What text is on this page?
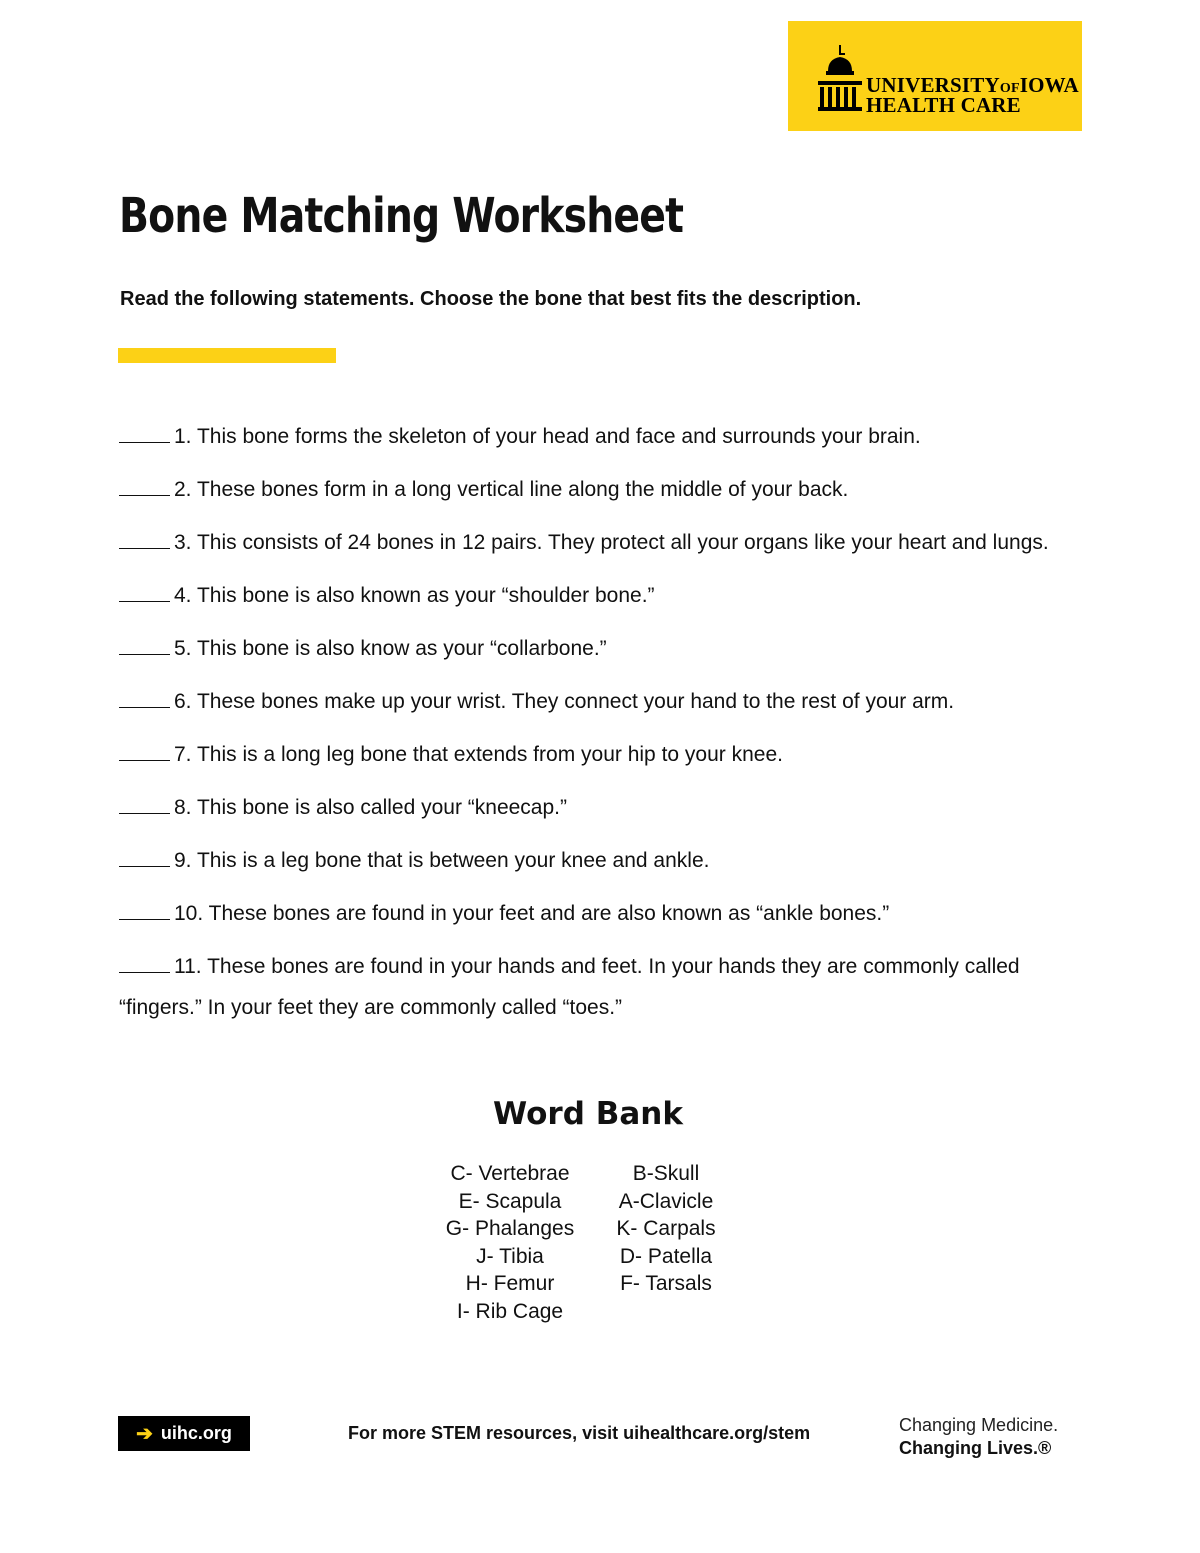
UNIVERSITYOFIOWA
HEALTH CARE
Bone Matching Worksheet
Read the following statements. Choose the bone that best fits the description.
1. This bone forms the skeleton of your head and face and surrounds your brain.
2. These bones form in a long vertical line along the middle of your back.
3. This consists of 24 bones in 12 pairs. They protect all your organs like your heart and lungs.
4. This bone is also known as your “shoulder bone.”
5. This bone is also know as your “collarbone.”
6. These bones make up your wrist. They connect your hand to the rest of your arm.
7. This is a long leg bone that extends from your hip to your knee.
8. This bone is also called your “kneecap.”
9. This is a leg bone that is between your knee and ankle.
10. These bones are found in your feet and are also known as “ankle bones.”
11. These bones are found in your hands and feet. In your hands they are commonly called “fingers.” In your feet they are commonly called “toes.”
Word Bank
C- Vertebrae
E- Scapula
G- Phalanges
J- Tibia
H- Femur
I- Rib Cage
B-Skull
A-Clavicle
K- Carpals
D- Patella
F- Tarsals
➔ uihc.org	For more STEM resources, visit uihealthcare.org/stem	Changing Medicine.
Changing Lives.®
